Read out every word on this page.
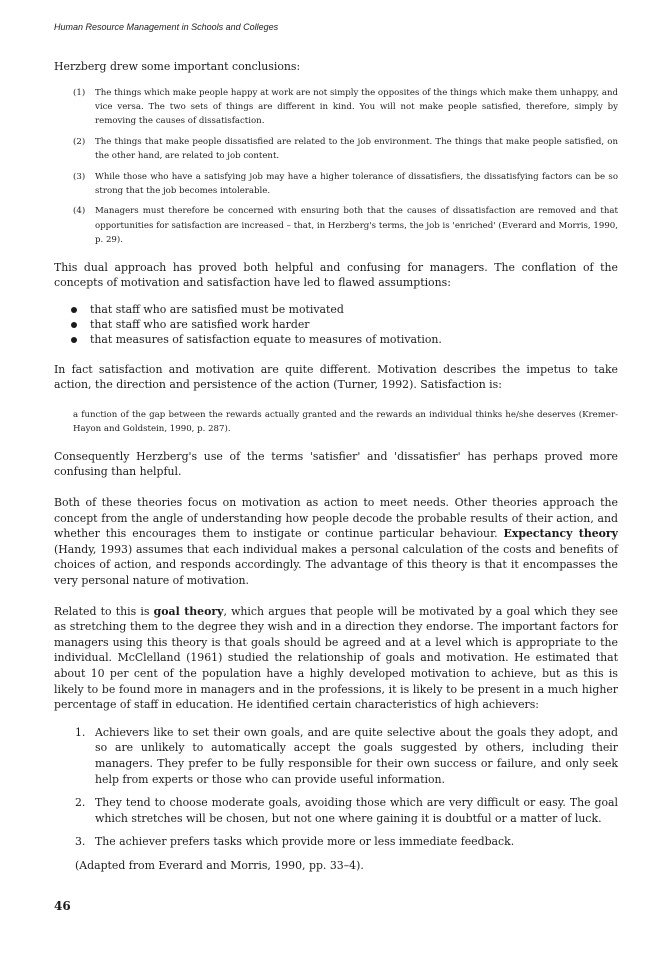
Human Resource Management in Schools and Colleges

Herzberg drew some important conclusions:

(1) The things which make people happy at work are not simply the opposites of the things which make them unhappy, and vice versa. The two sets of things are different in kind. You will not make people satisfied, therefore, simply by removing the causes of dissatisfaction.
(2) The things that make people dissatisfied are related to the job environment. The things that make people satisfied, on the other hand, are related to job content.
(3) While those who have a satisfying job may have a higher tolerance of dissatisfiers, the dissatisfying factors can be so strong that the job becomes intolerable.
(4) Managers must therefore be concerned with ensuring both that the causes of dissatisfaction are removed and that opportunities for satisfaction are increased – that, in Herzberg's terms, the job is 'enriched' (Everard and Morris, 1990, p. 29).

This dual approach has proved both helpful and confusing for managers. The conflation of the concepts of motivation and satisfaction have led to flawed assumptions:

that staff who are satisfied must be motivated
that staff who are satisfied work harder
that measures of satisfaction equate to measures of motivation.

In fact satisfaction and motivation are quite different. Motivation describes the impetus to take action, the direction and persistence of the action (Turner, 1992). Satisfaction is:

a function of the gap between the rewards actually granted and the rewards an individual thinks he/she deserves (Kremer-Hayon and Goldstein, 1990, p. 287).

Consequently Herzberg's use of the terms 'satisfier' and 'dissatisfier' has perhaps proved more confusing than helpful.

Both of these theories focus on motivation as action to meet needs. Other theories approach the concept from the angle of understanding how people decode the probable results of their action, and whether this encourages them to instigate or continue particular behaviour. Expectancy theory (Handy, 1993) assumes that each individual makes a personal calculation of the costs and benefits of choices of action, and responds accordingly. The advantage of this theory is that it encompasses the very personal nature of motivation.

Related to this is goal theory, which argues that people will be motivated by a goal which they see as stretching them to the degree they wish and in a direction they endorse. The important factors for managers using this theory is that goals should be agreed and at a level which is appropriate to the individual. McClelland (1961) studied the relationship of goals and motivation. He estimated that about 10 per cent of the population have a highly developed motivation to achieve, but as this is likely to be found more in managers and in the professions, it is likely to be present in a much higher percentage of staff in education. He identified certain characteristics of high achievers:

1. Achievers like to set their own goals, and are quite selective about the goals they adopt, and so are unlikely to automatically accept the goals suggested by others, including their managers. They prefer to be fully responsible for their own success or failure, and only seek help from experts or those who can provide useful information.
2. They tend to choose moderate goals, avoiding those which are very difficult or easy. The goal which stretches will be chosen, but not one where gaining it is doubtful or a matter of luck.
3. The achiever prefers tasks which provide more or less immediate feedback.

(Adapted from Everard and Morris, 1990, pp. 33–4).

46
